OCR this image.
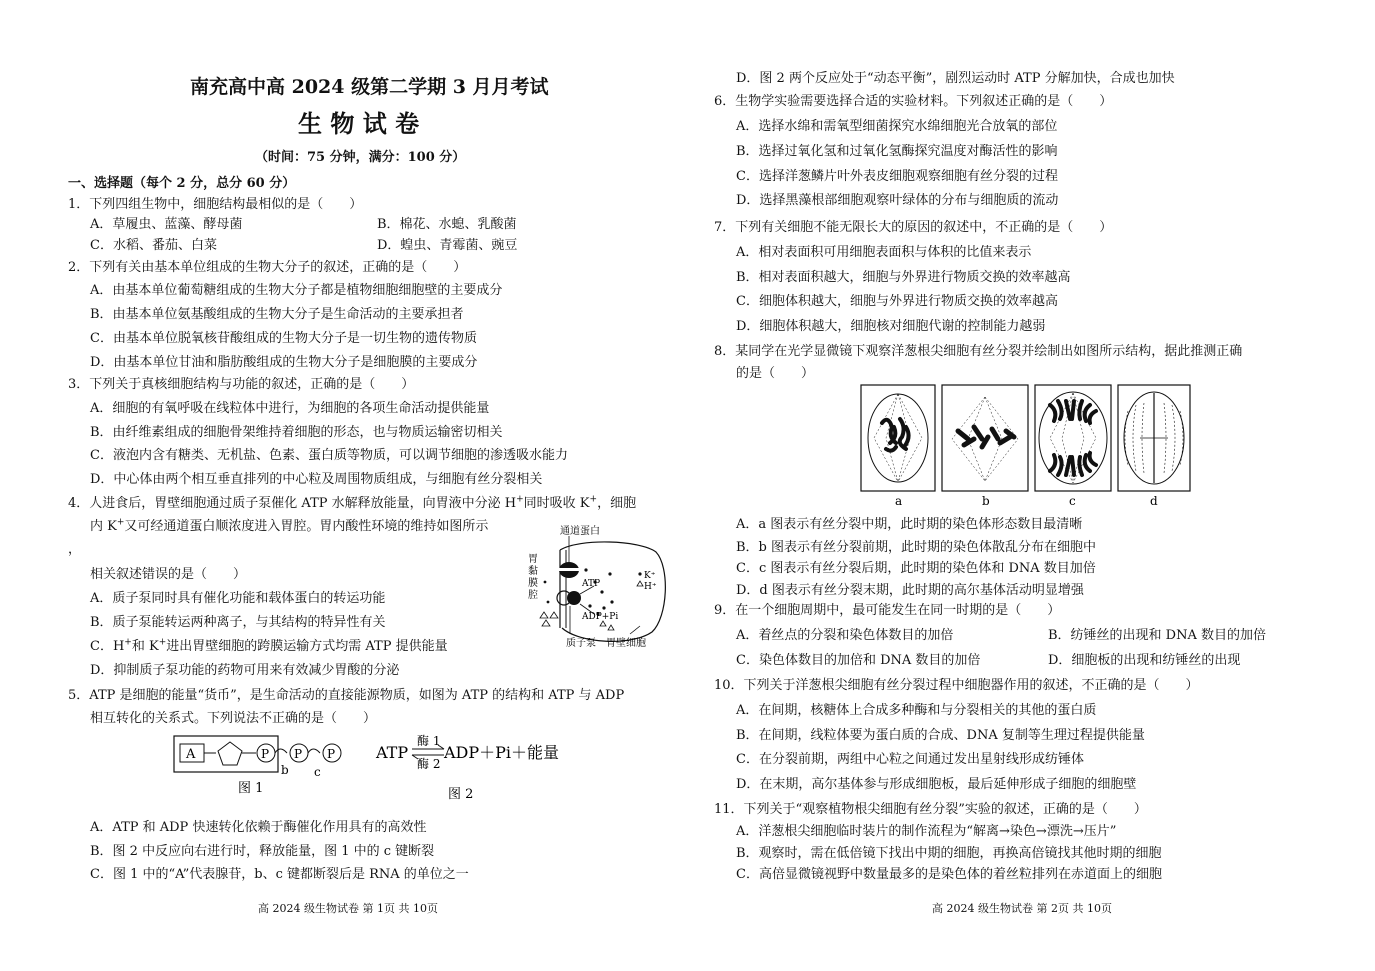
南充高中高 2024 级第二学期 3 月月考试
生 物 试 卷
（时间：75 分钟，满分：100 分）
一、选择题（每个 2 分，总分 60 分）
1．下列四组生物中，细胞结构最相似的是（　　）
A．草履虫、蓝藻、酵母菌	B．棉花、水螅、乳酸菌
C．水稻、番茄、白菜	D．蝗虫、青霉菌、豌豆
2．下列有关由基本单位组成的生物大分子的叙述，正确的是（　　）
A．由基本单位葡萄糖组成的生物大分子都是植物细胞细胞壁的主要成分
B．由基本单位氨基酸组成的生物大分子是生命活动的主要承担者
C．由基本单位脱氧核苷酸组成的生物大分子是一切生物的遗传物质
D．由基本单位甘油和脂肪酸组成的生物大分子是细胞膜的主要成分
3．下列关于真核细胞结构与功能的叙述，正确的是（　　）
A．细胞的有氧呼吸在线粒体中进行，为细胞的各项生命活动提供能量
B．由纤维素组成的细胞骨架维持着细胞的形态，也与物质运输密切相关
C．液泡内含有糖类、无机盐、色素、蛋白质等物质，可以调节细胞的渗透吸水能力
D．中心体由两个相互垂直排列的中心粒及周围物质组成，与细胞有丝分裂相关
4．人进食后，胃壁细胞通过质子泵催化 ATP 水解释放能量，向胃液中分泌 H+同时吸收 K+，细胞
内 K+又可经通道蛋白顺浓度进入胃腔。胃内酸性环境的维持如图所示
，
相关叙述错误的是（　　）
A．质子泵同时具有催化功能和载体蛋白的转运功能
B．质子泵能转运两种离子，与其结构的特异性有关
C．H+和 K+进出胃壁细胞的跨膜运输方式均需 ATP 提供能量
D．抑制质子泵功能的药物可用来有效减少胃酸的分泌
通道蛋白
胃
黏
膜
腔
ATP
ADP+Pi
K⁺
H⁺
质子泵 胃壁细胞
5．ATP 是细胞的能量“货币”，是生命活动的直接能源物质，如图为 ATP 的结构和 ATP 与 ADP
相互转化的关系式。下列说法不正确的是（　　）
A	P P P
b c
图 1
ATP
酶 1
酶 2
ADP＋Pi＋能量
图 2
A．ATP 和 ADP 快速转化依赖于酶催化作用具有的高效性
B．图 2 中反应向右进行时，释放能量，图 1 中的 c 键断裂
C．图 1 中的“A”代表腺苷，b、c 键都断裂后是 RNA 的单位之一
高 2024 级生物试卷 第 1页 共 10页
D．图 2 两个反应处于“动态平衡”，剧烈运动时 ATP 分解加快，合成也加快
6．生物学实验需要选择合适的实验材料。下列叙述正确的是（　　）
A．选择水绵和需氧型细菌探究水绵细胞光合放氧的部位
B．选择过氧化氢和过氧化氢酶探究温度对酶活性的影响
C．选择洋葱鳞片叶外表皮细胞观察细胞有丝分裂的过程
D．选择黑藻根部细胞观察叶绿体的分布与细胞质的流动
7．下列有关细胞不能无限长大的原因的叙述中，不正确的是（　　）
A．相对表面积可用细胞表面积与体积的比值来表示
B．相对表面积越大，细胞与外界进行物质交换的效率越高
C．细胞体积越大，细胞与外界进行物质交换的效率越高
D．细胞体积越大，细胞核对细胞代谢的控制能力越弱
8．某同学在光学显微镜下观察洋葱根尖细胞有丝分裂并绘制出如图所示结构，据此推测正确
的是（　　）
a	b	c	d
A．a 图表示有丝分裂中期，此时期的染色体形态数目最清晰
B．b 图表示有丝分裂前期，此时期的染色体散乱分布在细胞中
C．c 图表示有丝分裂后期，此时期的染色体和 DNA 数目加倍
D．d 图表示有丝分裂末期，此时期的高尔基体活动明显增强
9．在一个细胞周期中，最可能发生在同一时期的是（　　）
A．着丝点的分裂和染色体数目的加倍	B．纺锤丝的出现和 DNA 数目的加倍
C．染色体数目的加倍和 DNA 数目的加倍	D．细胞板的出现和纺锤丝的出现
10．下列关于洋葱根尖细胞有丝分裂过程中细胞器作用的叙述，不正确的是（　　）
A．在间期，核糖体上合成多种酶和与分裂相关的其他的蛋白质
B．在间期，线粒体要为蛋白质的合成、DNA 复制等生理过程提供能量
C．在分裂前期，两组中心粒之间通过发出星射线形成纺锤体
D．在末期，高尔基体参与形成细胞板，最后延伸形成子细胞的细胞壁
11．下列关于“观察植物根尖细胞有丝分裂”实验的叙述，正确的是（　　）
A．洋葱根尖细胞临时装片的制作流程为“解离→染色→漂洗→压片”
B．观察时，需在低倍镜下找出中期的细胞，再换高倍镜找其他时期的细胞
C．高倍显微镜视野中数量最多的是染色体的着丝粒排列在赤道面上的细胞
高 2024 级生物试卷 第 2页 共 10页
